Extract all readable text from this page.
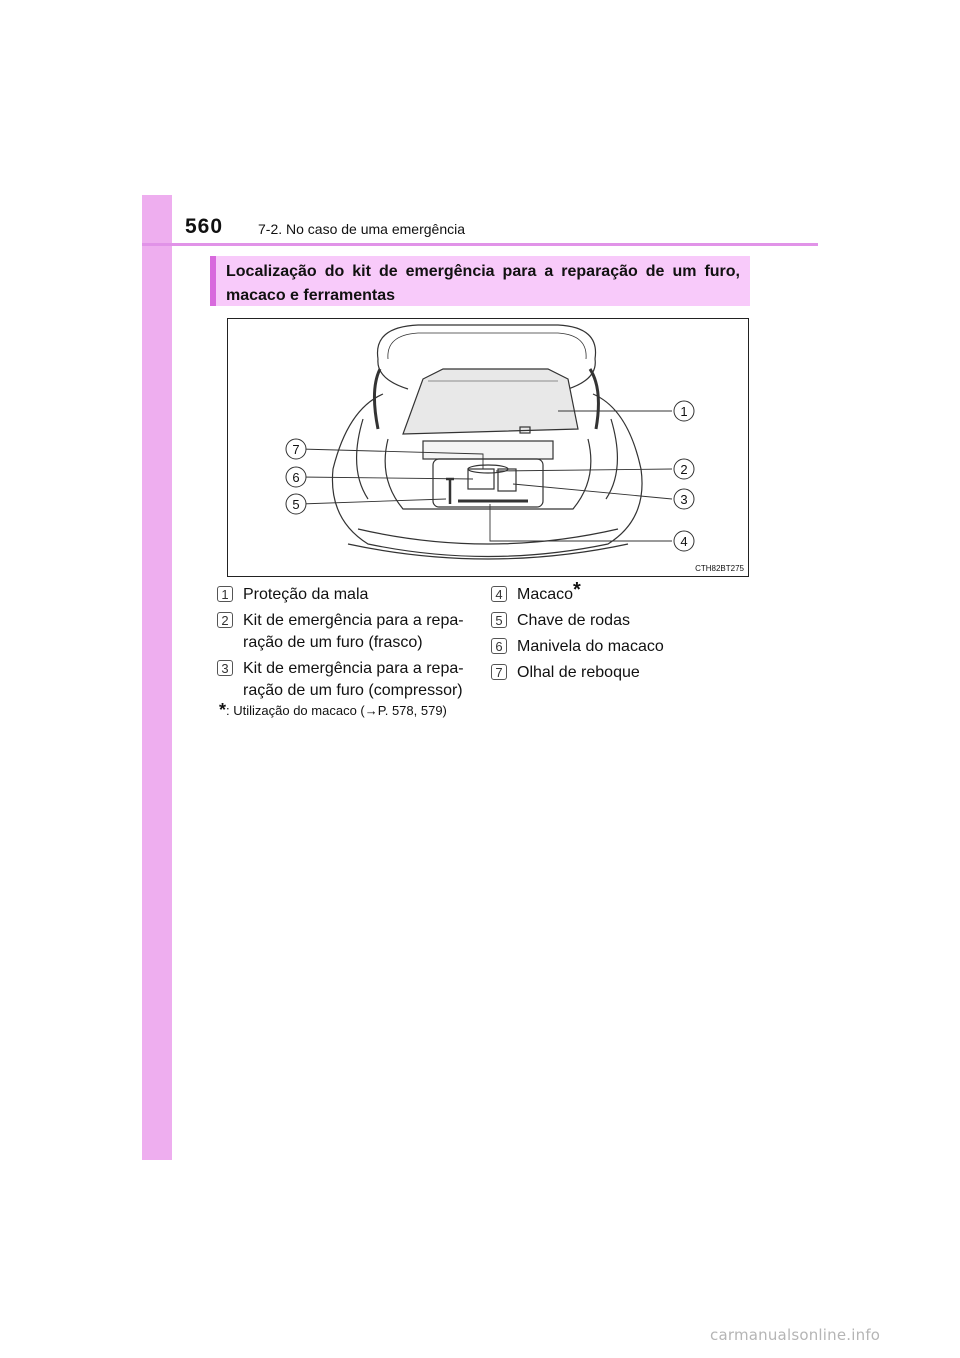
560 7-2. No caso de uma emergência
Localização do kit de emergência para a reparação de um furo,
macaco e ferramentas
1
2
3
4
5
6
7
CTH82BT275
1 Proteção da mala
2 Kit de emergência para a repa-
ração de um furo (frasco)
3 Kit de emergência para a repa-
ração de um furo (compressor)
4 Macaco*
5 Chave de rodas
6 Manivela do macaco
7 Olhal de reboque
*: Utilização do macaco (→P. 578, 579)
carmanualsonline.info
